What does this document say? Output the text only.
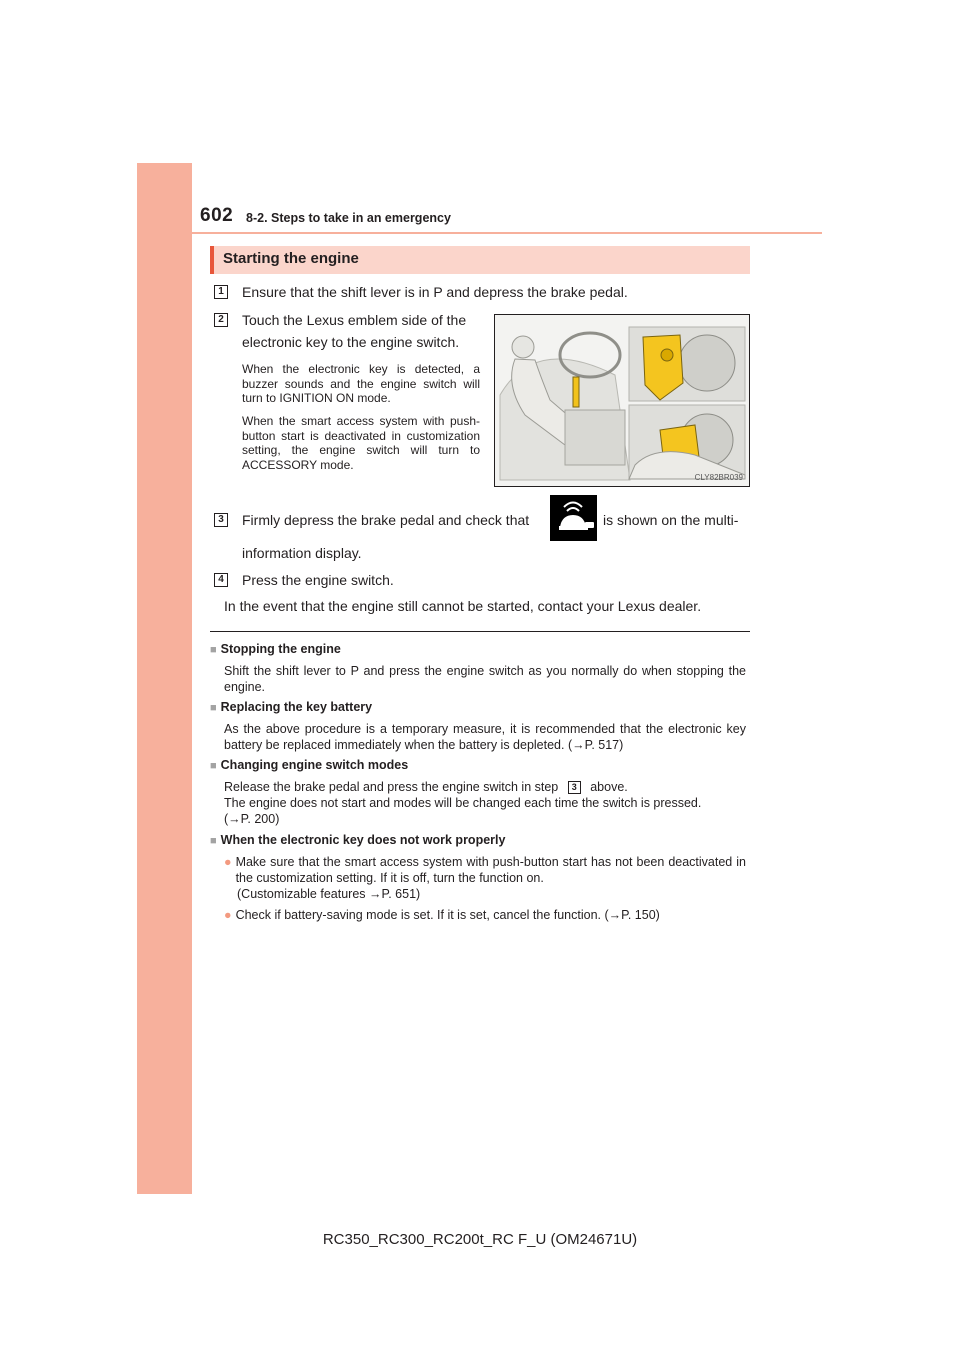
602 8-2. Steps to take in an emergency
Starting the engine
1	Ensure that the shift lever is in P and depress the brake pedal.
2	Touch the Lexus emblem side of the
electronic key to the engine switch.
When the electronic key is detected, a buzzer sounds and the engine switch will turn to IGNITION ON mode.
When the smart access system with push-button start is deactivated in customization setting, the engine switch will turn to ACCESSORY mode.
CLY82BR039
3	Firmly depress the brake pedal and check that	is shown on the multi-
information display.
4	Press the engine switch.
In the event that the engine still cannot be started, contact your Lexus dealer.
■ Stopping the engine
Shift the shift lever to P and press the engine switch as you normally do when stopping the engine.
■ Replacing the key battery
As the above procedure is a temporary measure, it is recommended that the electronic key battery be replaced immediately when the battery is depleted. (→P. 517)
■ Changing engine switch modes
Release the brake pedal and press the engine switch in step 3 above.
The engine does not start and modes will be changed each time the switch is pressed.
(→P. 200)
■ When the electronic key does not work properly
● Make sure that the smart access system with push-button start has not been deactivated in the customization setting. If it is off, turn the function on.
(Customizable features →P. 651)
● Check if battery-saving mode is set. If it is set, cancel the function. (→P. 150)
RC350_RC300_RC200t_RC F_U (OM24671U)
